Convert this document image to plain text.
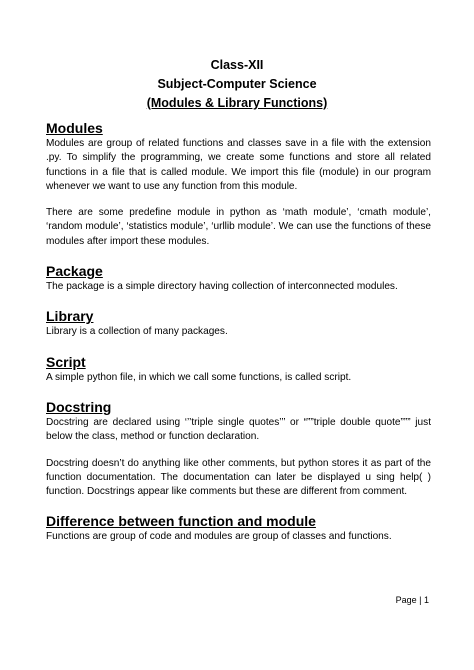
Class-XII
Subject-Computer Science
(Modules & Library Functions)
Modules

Modules are group of related functions and classes save in a file with the extension .py. To simplify the programming, we create some functions and store all related functions in a file that is called module. We import this file (module) in our program whenever we want to use any function from this module.

There are some predefine module in python as ‘math module’, ‘cmath module’, ‘random module’, ‘statistics module’, ‘urllib module’. We can use the functions of these modules after import these modules.

Package

The package is a simple directory having collection of interconnected modules.

Library

Library is a collection of many packages.

Script

A simple python file, in which we call some functions, is called script.

Docstring

Docstring are declared using ‘’’triple single quotes’’’ or “””triple double quote””” just below the class, method or function declaration.

Docstring doesn’t do anything like other comments, but python stores it as part of the function documentation. The documentation can later be displayed u sing help( ) function. Docstrings appear like comments but these are different from comment.

Difference between function and module

Functions are group of code and modules are group of classes and functions.

Page | 1
